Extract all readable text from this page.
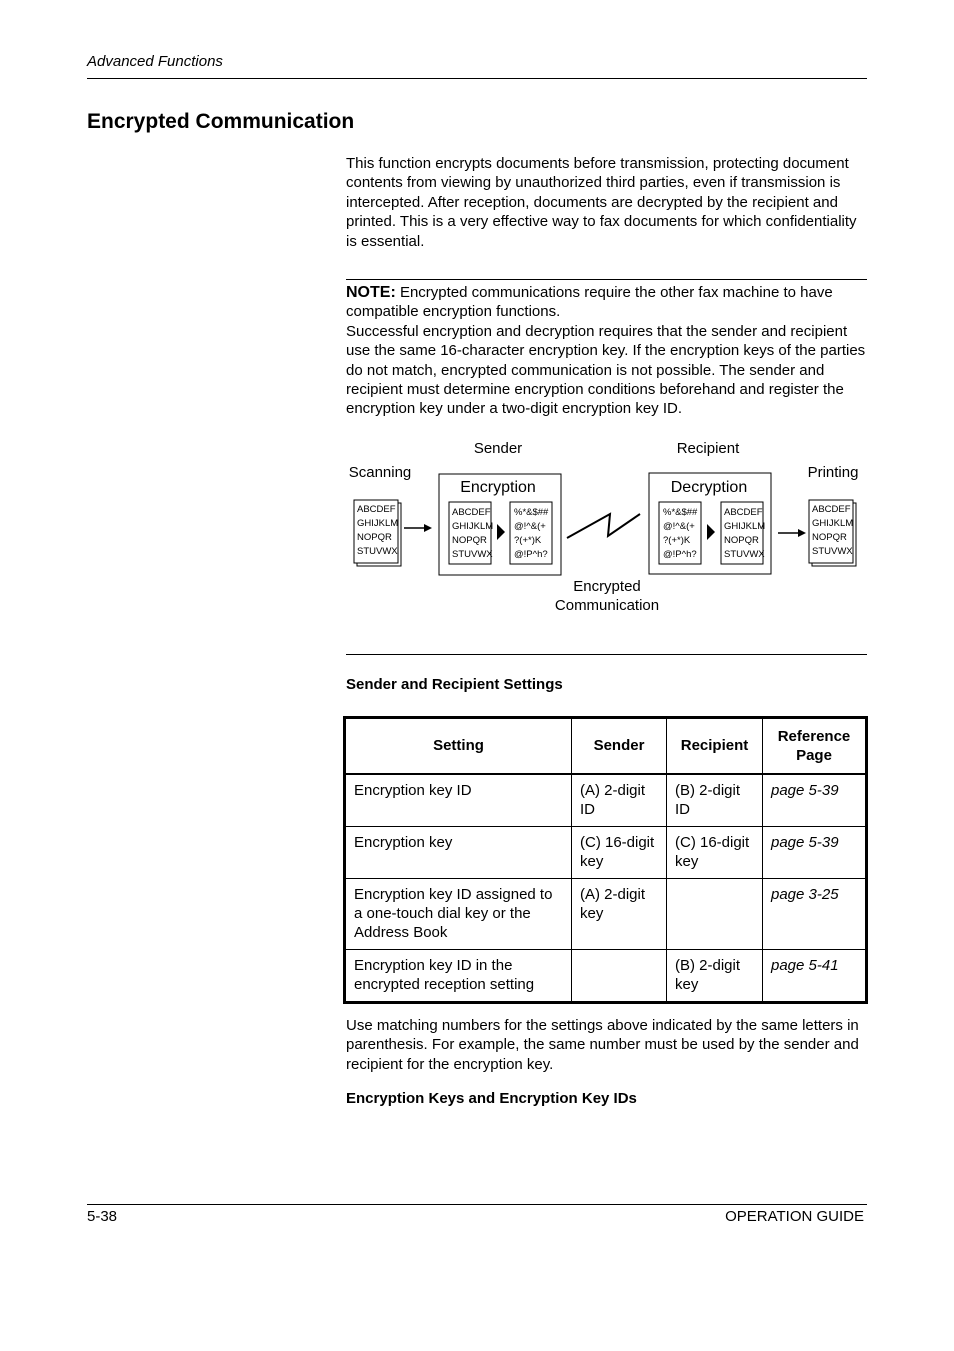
Advanced Functions
Encrypted Communication

This function encrypts documents before transmission, protecting document contents from viewing by unauthorized third parties, even if transmission is intercepted. After reception, documents are decrypted by the recipient and printed. This is a very effective way to fax documents for which confidentiality is essential.

NOTE: Encrypted communications require the other fax machine to have compatible encryption functions.
Successful encryption and decryption requires that the sender and recipient use the same 16-character encryption key. If the encryption keys of the parties do not match, encrypted communication is not possible. The sender and recipient must determine encryption conditions beforehand and register the encryption key under a two-digit encryption key ID.
Sender	Recipient
Scanning	Printing
ABCDEF
GHIJKLM
NOPQR
STUVWX
Encryption
ABCDEF
GHIJKLM
NOPQR
STUVWX
%*&$##
@!^&(+
?(+*)K
@!P^h?
Decryption
%*&$##
@!^&(+
?(+*)K
@!P^h?
ABCDEF
GHIJKLM
NOPQR
STUVWX
ABCDEF
GHIJKLM
NOPQR
STUVWX
Encrypted
Communication
Sender and Recipient Settings
Setting	Sender	Recipient	Reference Page
Encryption key ID	(A) 2-digit ID	(B) 2-digit ID	page 5-39
Encryption key	(C) 16-digit key	(C) 16-digit key	page 5-39
Encryption key ID assigned to a one-touch dial key or the Address Book	(A) 2-digit key		page 3-25
Encryption key ID in the encrypted reception setting		(B) 2-digit key	page 5-41

Use matching numbers for the settings above indicated by the same letters in parenthesis. For example, the same number must be used by the sender and recipient for the encryption key.

Encryption Keys and Encryption Key IDs
5-38	OPERATION GUIDE
